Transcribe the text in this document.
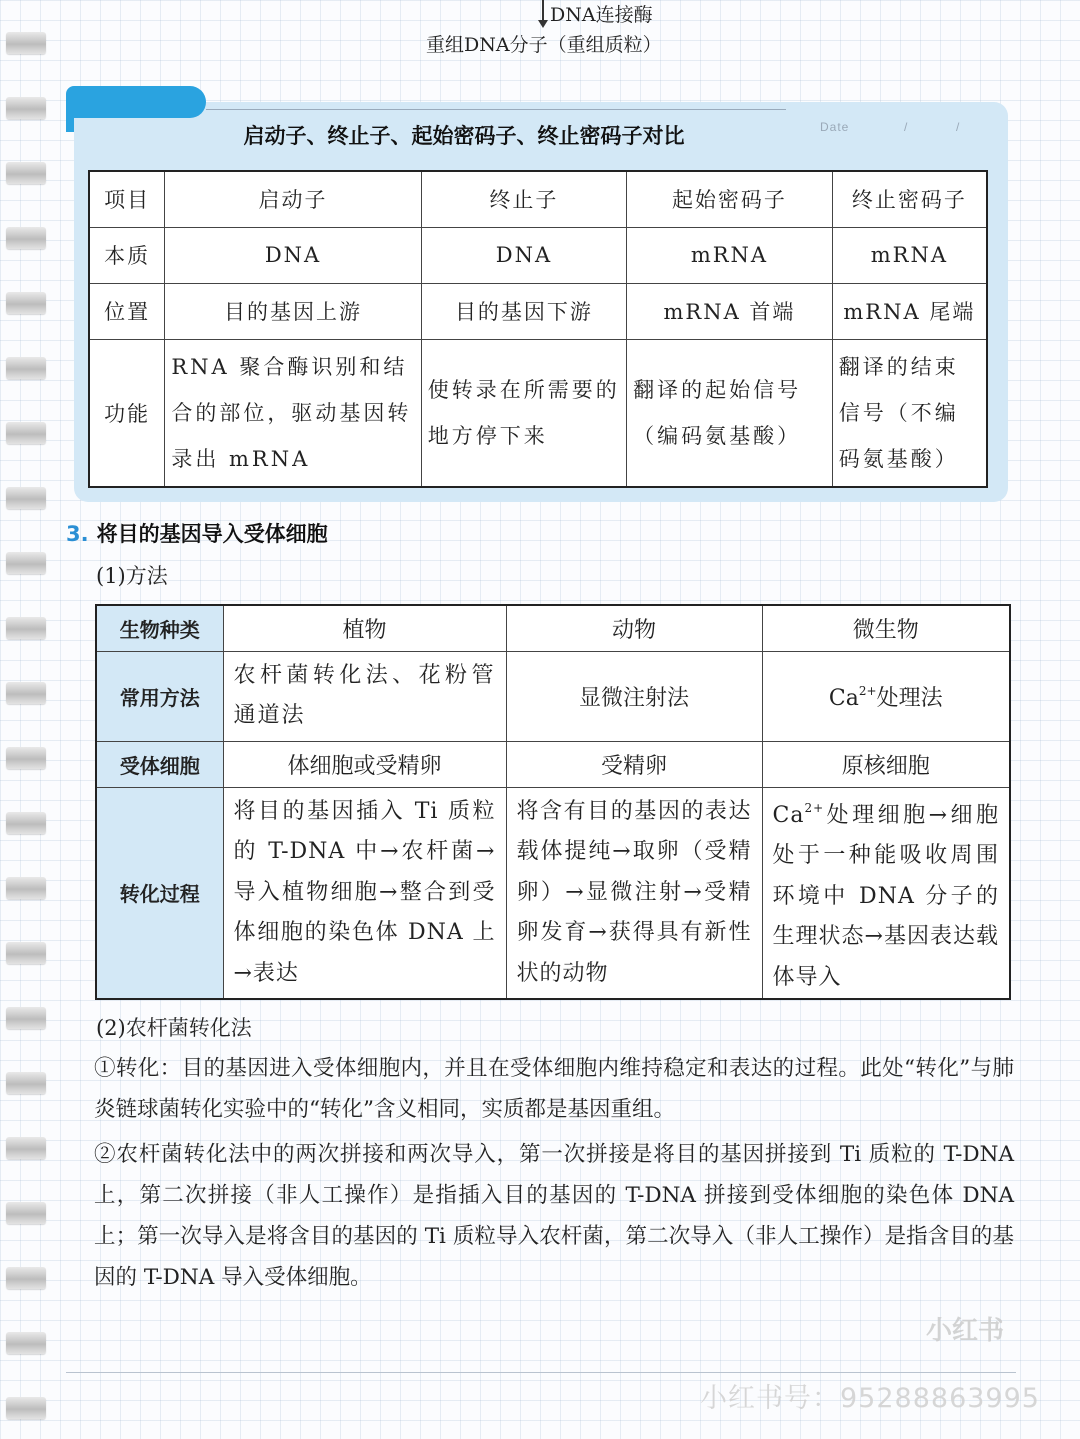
DNA连接酶
重组DNA分子（重组质粒）
启动子、终止子、起始密码子、终止密码子对比	Date	/	/
项目	启动子	终止子	起始密码子	终止密码子
本质	DNA	DNA	mRNA	mRNA
位置	目的基因上游	目的基因下游	mRNA 首端	mRNA 尾端
功能	RNA 聚合酶识别和结合的部位，驱动基因转录出 mRNA	使转录在所需要的地方停下来	翻译的起始信号（编码氨基酸）	翻译的结束信号（不编码氨基酸）
3. 将目的基因导入受体细胞
(1)方法
生物种类	植物	动物	微生物
常用方法	农杆菌转化法、花粉管通道法	显微注射法	$Ca^{2+}$处理法
受体细胞	体细胞或受精卵	受精卵	原核细胞
转化过程	将目的基因插入 Ti 质粒的 T-DNA 中→农杆菌→导入植物细胞→整合到受体细胞的染色体 DNA 上→表达	将含有目的基因的表达载体提纯→取卵（受精卵）→显微注射→受精卵发育→获得具有新性状的动物	$Ca^{2+}$处理细胞→细胞处于一种能吸收周围环境中 DNA 分子的生理状态→基因表达载体导入
(2)农杆菌转化法
①转化：目的基因进入受体细胞内，并且在受体细胞内维持稳定和表达的过程。此处“转化”与肺炎链球菌转化实验中的“转化”含义相同，实质都是基因重组。
②农杆菌转化法中的两次拼接和两次导入，第一次拼接是将目的基因拼接到 Ti 质粒的 T-DNA 上，第二次拼接（非人工操作）是指插入目的基因的 T-DNA 拼接到受体细胞的染色体 DNA 上；第一次导入是将含目的基因的 Ti 质粒导入农杆菌，第二次导入（非人工操作）是指含目的基因的 T-DNA 导入受体细胞。
小红书
小红书号：95288863995
